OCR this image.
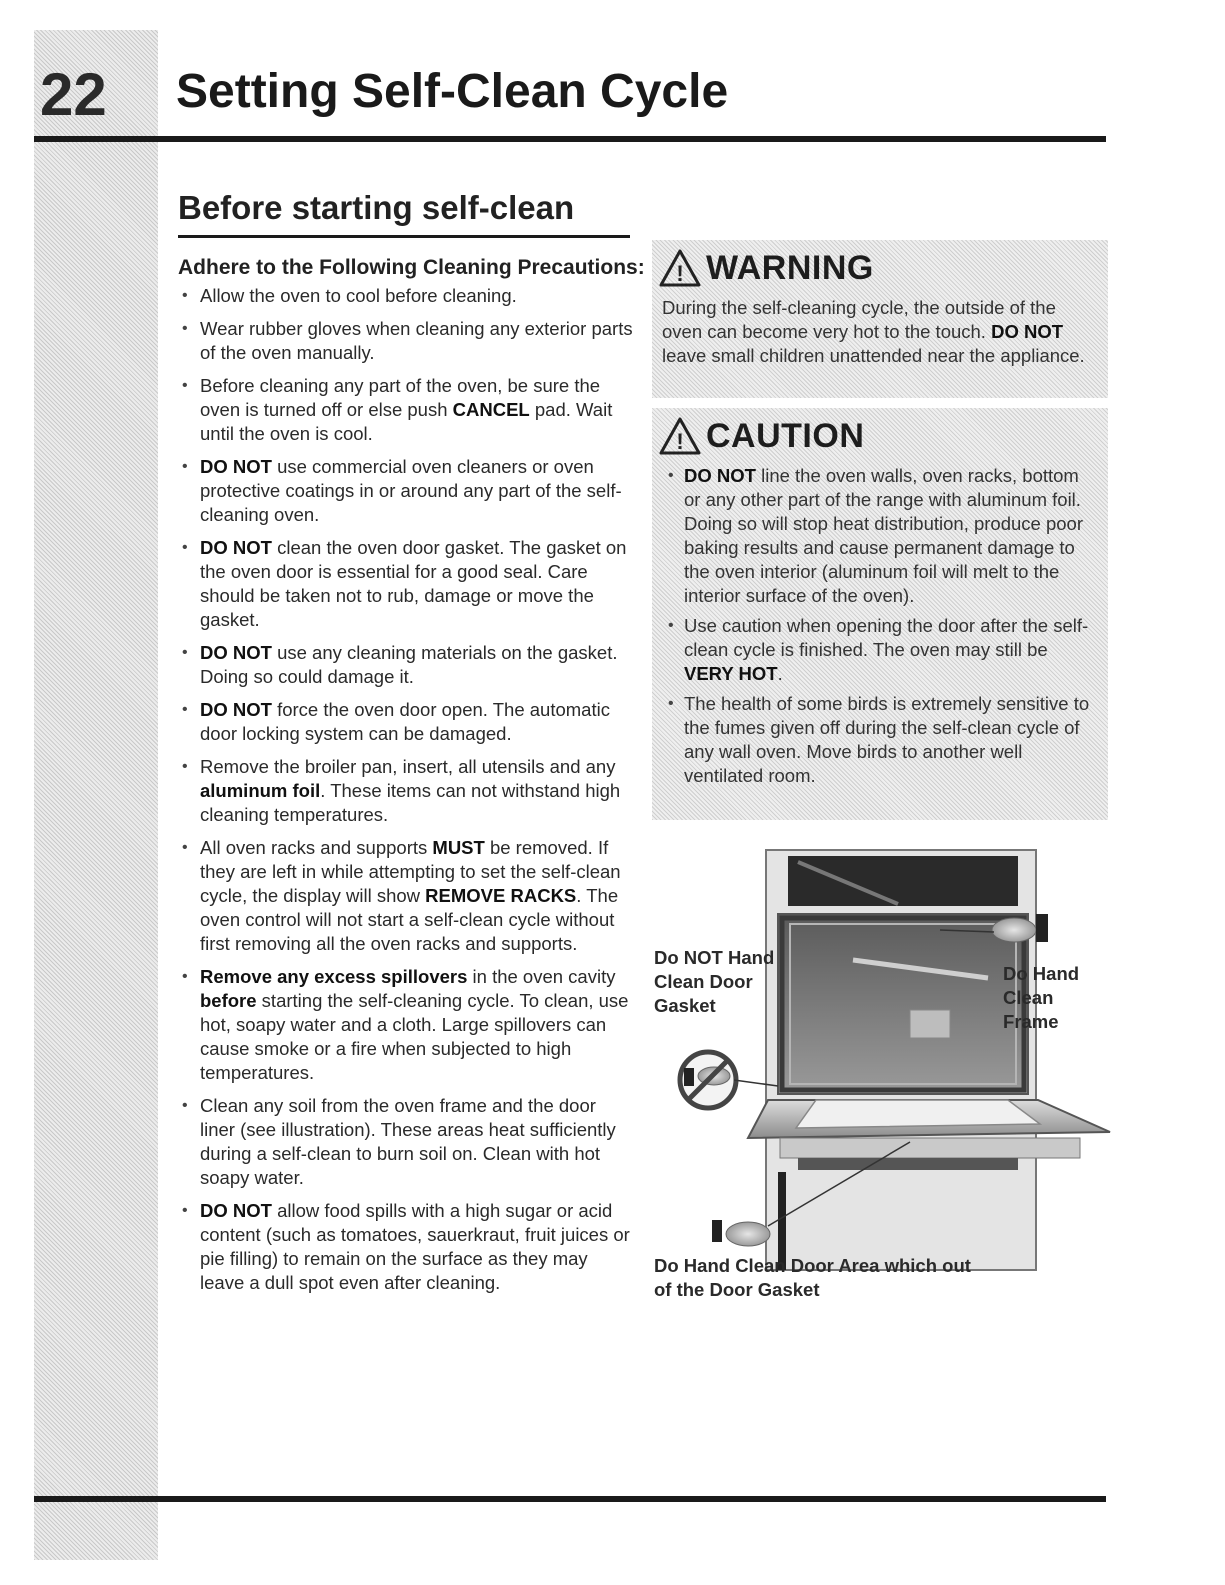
22	Setting Self-Clean Cycle
Before starting self-clean
Adhere to the Following Cleaning Precautions:
• Allow the oven to cool before cleaning.
• Wear rubber gloves when cleaning any exterior parts of the oven manually.
• Before cleaning any part of the oven, be sure the oven is turned off or else push CANCEL pad. Wait until the oven is cool.
• DO NOT use commercial oven cleaners or oven protective coatings in or around any part of the self-cleaning oven.
• DO NOT clean the oven door gasket. The gasket on the oven door is essential for a good seal. Care should be taken not to rub, damage or move the gasket.
• DO NOT use any cleaning materials on the gasket. Doing so could damage it.
• DO NOT force the oven door open. The automatic door locking system can be damaged.
• Remove the broiler pan, insert, all utensils and any aluminum foil. These items can not withstand high cleaning temperatures.
• All oven racks and supports MUST be removed. If they are left in while attempting to set the self-clean cycle, the display will show REMOVE RACKS. The oven control will not start a self-clean cycle without first removing all the oven racks and supports.
• Remove any excess spillovers in the oven cavity before starting the self-cleaning cycle. To clean, use hot, soapy water and a cloth. Large spillovers can cause smoke or a fire when subjected to high temperatures.
• Clean any soil from the oven frame and the door liner (see illustration). These areas heat sufficiently during a self-clean to burn soil on. Clean with hot soapy water.
• DO NOT allow food spills with a high sugar or acid content (such as tomatoes, sauerkraut, fruit juices or pie filling) to remain on the surface as they may leave a dull spot even after cleaning.
! WARNING
During the self-cleaning cycle, the outside of the oven can become very hot to the touch. DO NOT leave small children unattended near the appliance.
! CAUTION
• DO NOT line the oven walls, oven racks, bottom or any other part of the range with aluminum foil. Doing so will stop heat distribution, produce poor baking results and cause permanent damage to the oven interior (aluminum foil will melt to the interior surface of the oven).
• Use caution when opening the door after the self-clean cycle is finished. The oven may still be VERY HOT.
• The health of some birds is extremely sensitive to the fumes given off during the self-clean cycle of any wall oven. Move birds to another well ventilated room.
Do NOT Hand Clean Door Gasket
Do Hand Clean Frame
Do Hand Clean Door Area which out of the Door Gasket
